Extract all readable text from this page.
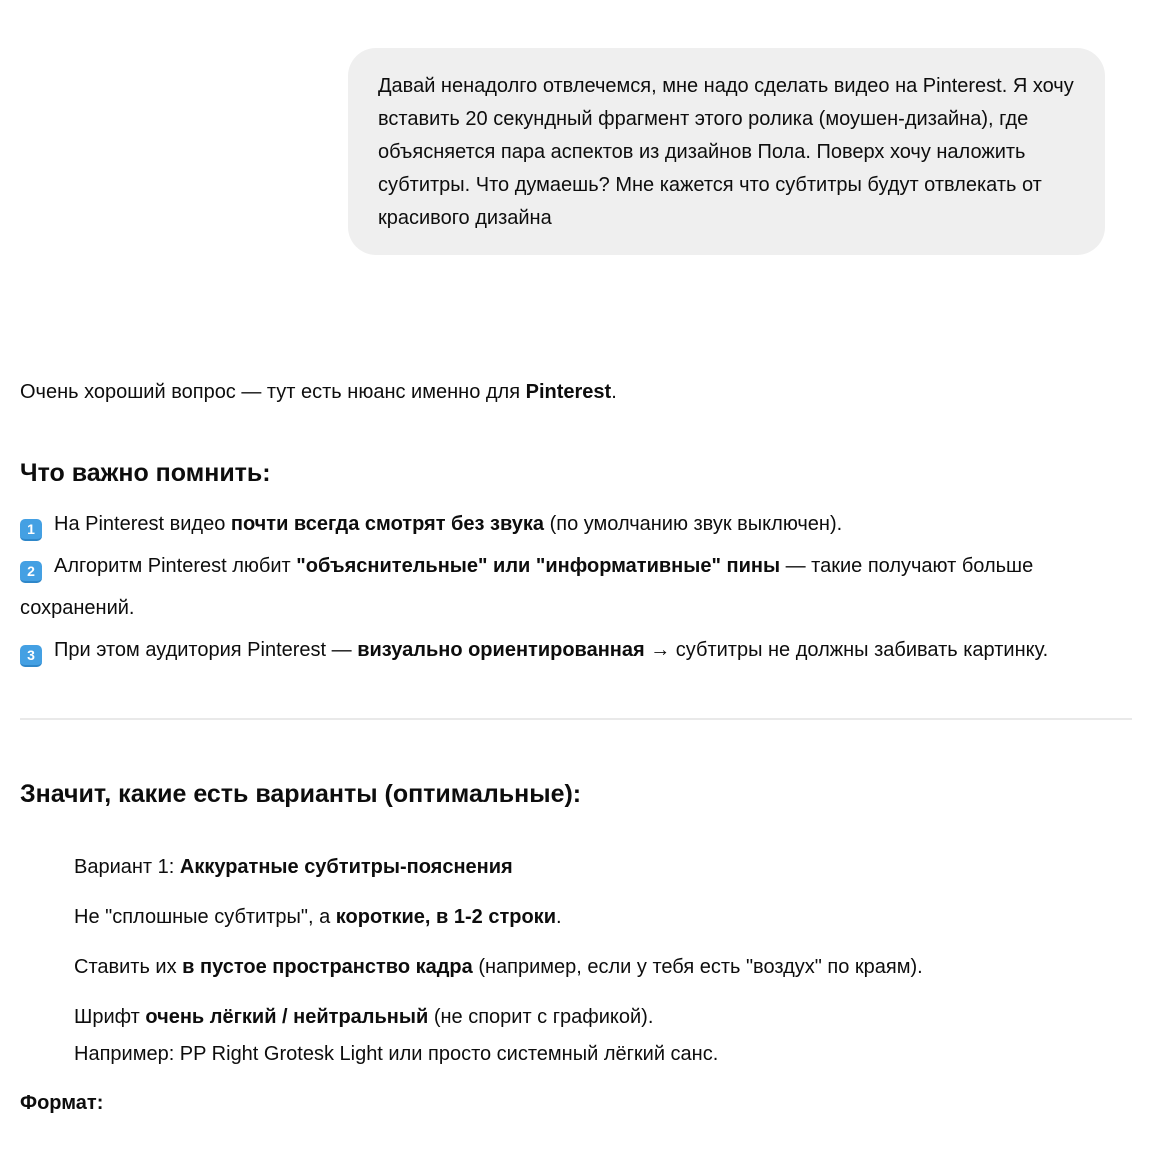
Давай ненадолго отвлечемся, мне надо сделать видео на Pinterest. Я хочу вставить 20 секундный фрагмент этого ролика (моушен-дизайна), где объясняется пара аспектов из дизайнов Пола. Поверх хочу наложить субтитры. Что думаешь? Мне кажется что субтитры будут отвлекать от красивого дизайна

Очень хороший вопрос — тут есть нюанс именно для Pinterest.

Что важно помнить:

1 На Pinterest видео почти всегда смотрят без звука (по умолчанию звук выключен).

2 Алгоритм Pinterest любит "объяснительные" или "информативные" пины — такие получают больше сохранений.

3 При этом аудитория Pinterest — визуально ориентированная → субтитры не должны забивать картинку.

Значит, какие есть варианты (оптимальные):
Вариант 1: Аккуратные субтитры-пояснения
Не "сплошные субтитры", а короткие, в 1-2 строки.
Ставить их в пустое пространство кадра (например, если у тебя есть "воздух" по краям).
Шрифт очень лёгкий / нейтральный (не спорит с графикой).
Например: PP Right Grotesk Light или просто системный лёгкий санс.

Формат:
